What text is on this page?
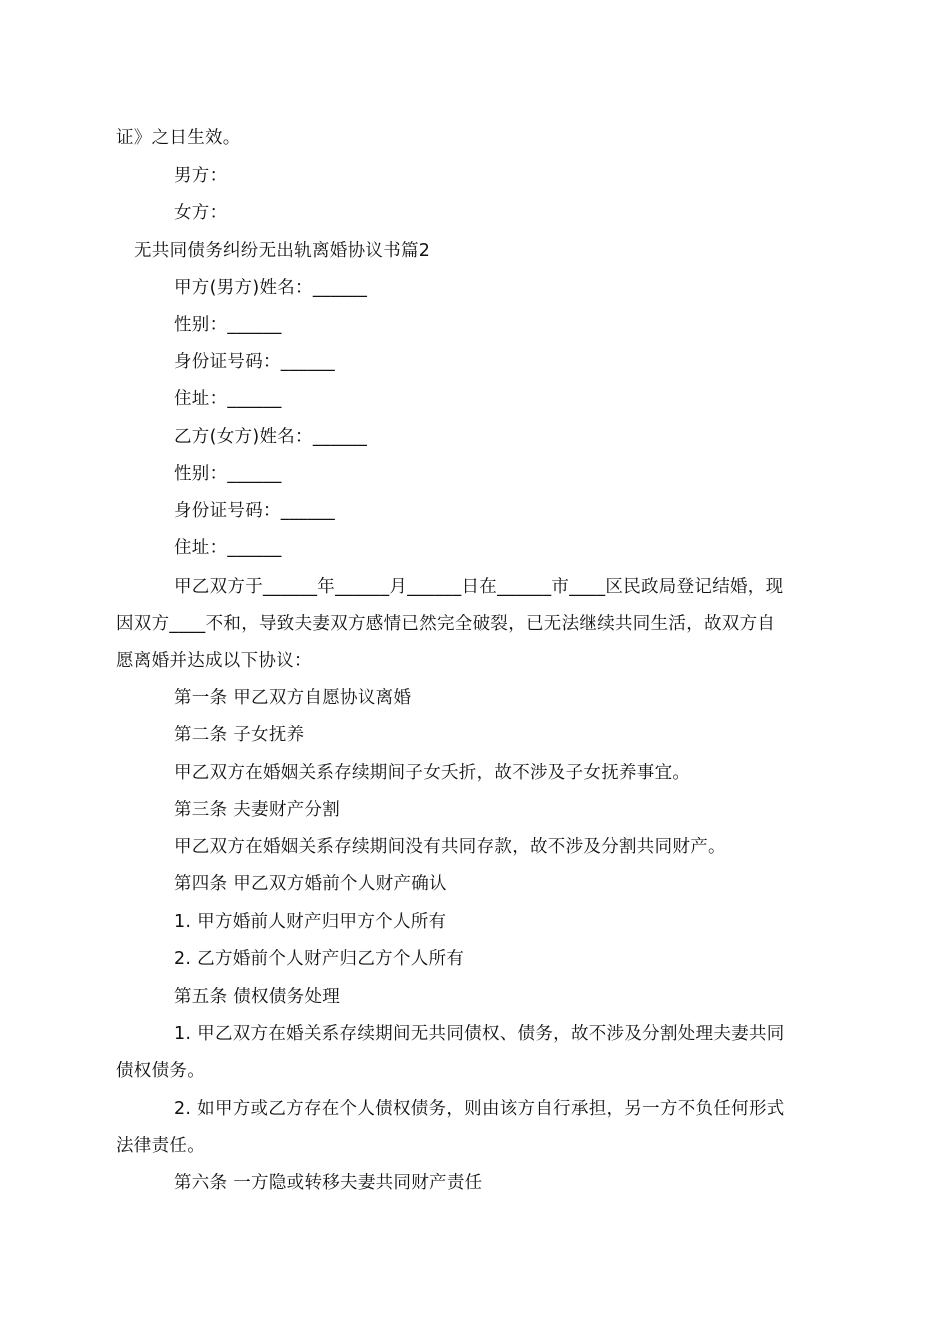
证》之日生效。
男方：
女方：
无共同债务纠纷无出轨离婚协议书篇2
甲方(男方)姓名：______
性别：______
身份证号码：______
住址：______
乙方(女方)姓名：______
性别：______
身份证号码：______
住址：______
甲乙双方于______年______月______日在______市____区民政局登记结婚，现
因双方____不和，导致夫妻双方感情已然完全破裂，已无法继续共同生活，故双方自
愿离婚并达成以下协议：
第一条 甲乙双方自愿协议离婚
第二条 子女抚养
甲乙双方在婚姻关系存续期间子女夭折，故不涉及子女抚养事宜。
第三条 夫妻财产分割
甲乙双方在婚姻关系存续期间没有共同存款，故不涉及分割共同财产。
第四条 甲乙双方婚前个人财产确认
1. 甲方婚前人财产归甲方个人所有
2. 乙方婚前个人财产归乙方个人所有
第五条 债权债务处理
1. 甲乙双方在婚关系存续期间无共同债权、债务，故不涉及分割处理夫妻共同
债权债务。
2. 如甲方或乙方存在个人债权债务，则由该方自行承担，另一方不负任何形式
法律责任。
第六条 一方隐或转移夫妻共同财产责任
